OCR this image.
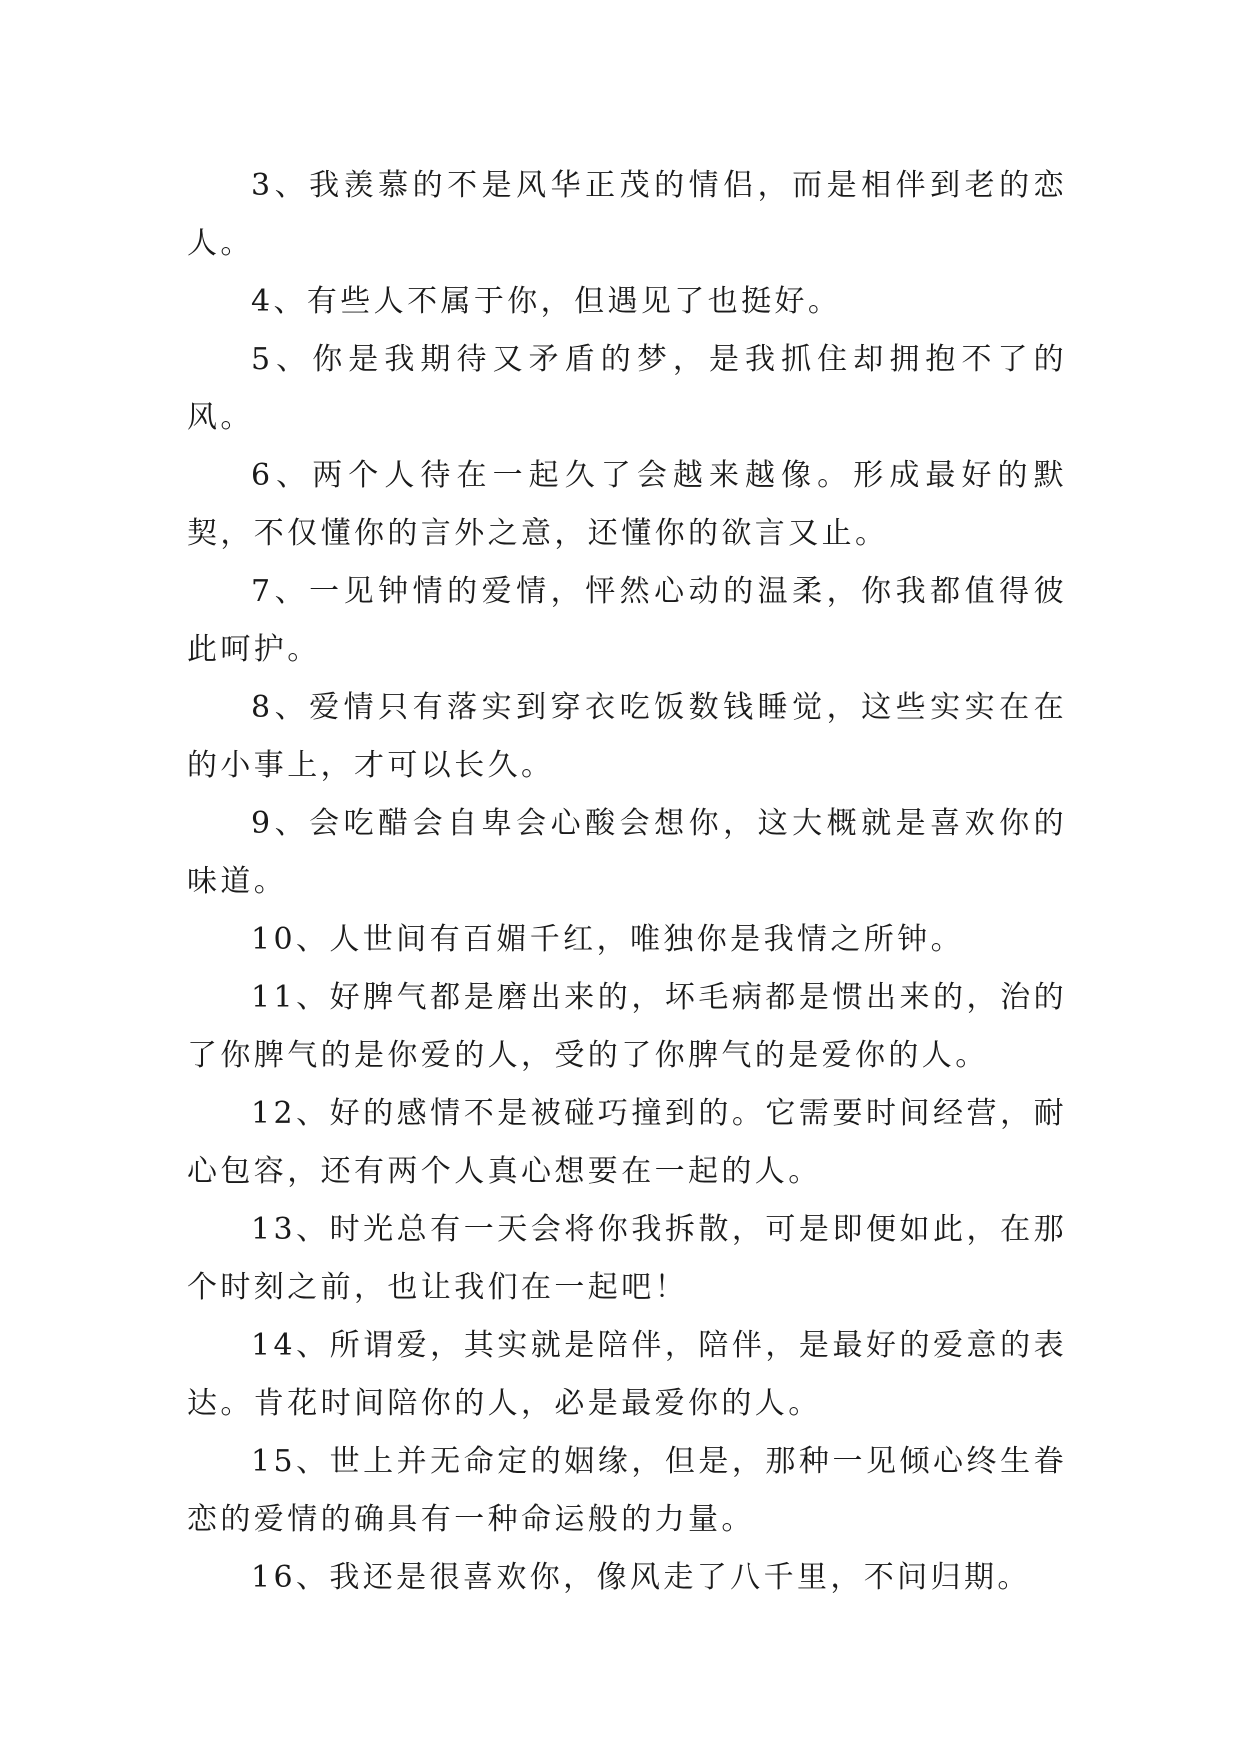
3、我羡慕的不是风华正茂的情侣，而是相伴到老的恋人。

4、有些人不属于你，但遇见了也挺好。

5、你是我期待又矛盾的梦，是我抓住却拥抱不了的风。

6、两个人待在一起久了会越来越像。形成最好的默契，不仅懂你的言外之意，还懂你的欲言又止。

7、一见钟情的爱情，怦然心动的温柔，你我都值得彼此呵护。

8、爱情只有落实到穿衣吃饭数钱睡觉，这些实实在在的小事上，才可以长久。

9、会吃醋会自卑会心酸会想你，这大概就是喜欢你的味道。

10、人世间有百媚千红，唯独你是我情之所钟。

11、好脾气都是磨出来的，坏毛病都是惯出来的，治的了你脾气的是你爱的人，受的了你脾气的是爱你的人。

12、好的感情不是被碰巧撞到的。它需要时间经营，耐心包容，还有两个人真心想要在一起的人。

13、时光总有一天会将你我拆散，可是即便如此，在那个时刻之前，也让我们在一起吧！

14、所谓爱，其实就是陪伴，陪伴，是最好的爱意的表达。肯花时间陪你的人，必是最爱你的人。

15、世上并无命定的姻缘，但是，那种一见倾心终生眷恋的爱情的确具有一种命运般的力量。

16、我还是很喜欢你，像风走了八千里，不问归期。
